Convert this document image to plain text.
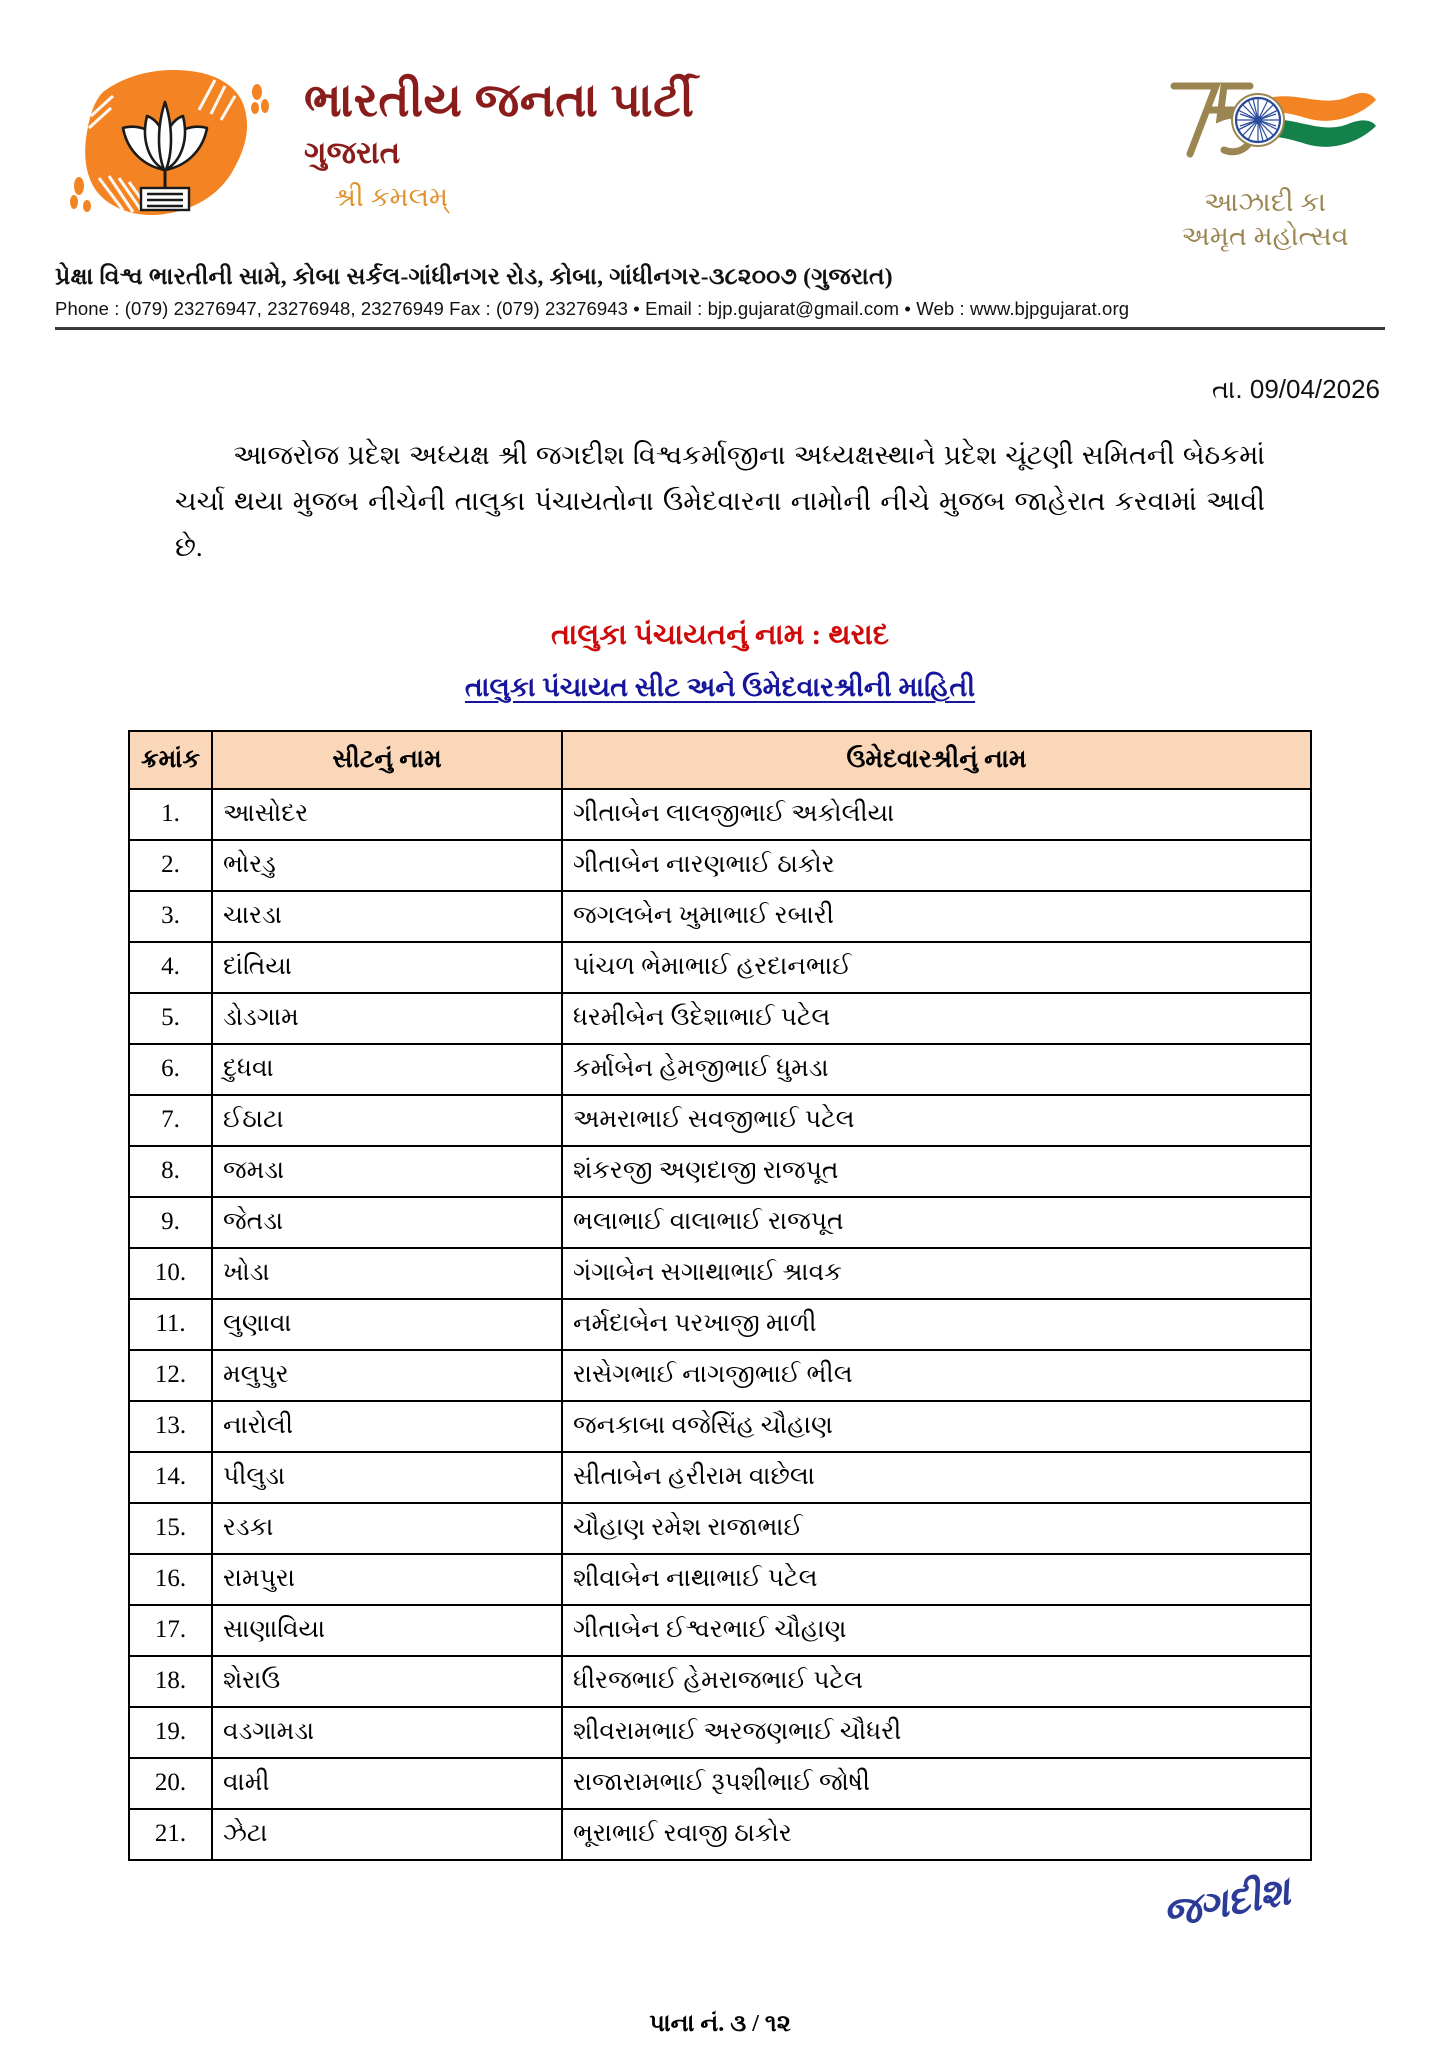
ભારતીય જનતા પાર્ટી
ગુજરાત
શ્રી કમલમ્	આઝાદી કા
અમૃત મહોત્સવ
પ્રેક્ષા વિશ્વ ભારતીની સામે, કોબા સર્કલ-ગાંધીનગર રોડ, કોબા, ગાંધીનગર-૩૮૨૦૦૭ (ગુજરાત)
Phone : (079) 23276947, 23276948, 23276949 Fax : (079) 23276943 • Email : bjp.gujarat@gmail.com • Web : www.bjpgujarat.org
તા. 09/04/2026

આજરોજ પ્રદેશ અધ્યક્ષ શ્રી જગદીશ વિશ્વકર્માજીના અધ્યક્ષસ્થાને પ્રદેશ ચૂંટણી સમિતની બેઠકમાં ચર્ચા થયા મુજબ નીચેની તાલુકા પંચાયતોના ઉમેદવારના નામોની નીચે મુજબ જાહેરાત કરવામાં આવી છે.

તાલુકા પંચાયતનું નામ : થરાદ
તાલુકા પંચાયત સીટ અને ઉમેદવારશ્રીની માહિતી
ક્રમાંક	સીટનું નામ	ઉમેદવારશ્રીનું નામ
1.	આસોદર	ગીતાબેન લાલજીભાઈ અકોલીયા
2.	ભોરડુ	ગીતાબેન નારણભાઈ ઠાકોર
3.	ચારડા	જગલબેન ખુમાભાઈ રબારી
4.	દાંતિયા	પાંચળ ભેમાભાઈ હરદાનભાઈ
5.	ડોડગામ	ધરમીબેન ઉદેશાભાઈ પટેલ
6.	દુધવા	કર્માબેન હેમજીભાઈ ધુમડા
7.	ઈઠાટા	અમરાભાઈ સવજીભાઈ પટેલ
8.	જમડા	શંકરજી અણદાજી રાજપૂત
9.	જેતડા	ભલાભાઈ વાલાભાઈ રાજપૂત
10.	ખોડા	ગંગાબેન સગાથાભાઈ શ્રાવક
11.	લુણાવા	નર્મદાબેન પરખાજી માળી
12.	મલુપુર	રાસેગભાઈ નાગજીભાઈ ભીલ
13.	નારોલી	જનકાબા વજેસિંહ ચૌહાણ
14.	પીલુડા	સીતાબેન હરીરામ વાછેલા
15.	રડકા	ચૌહાણ રમેશ રાજાભાઈ
16.	રામપુરા	શીવાબેન નાથાભાઈ પટેલ
17.	સાણાવિયા	ગીતાબેન ઈશ્વરભાઈ ચૌહાણ
18.	શેરાઉ	ધીરજભાઈ હેમરાજભાઈ પટેલ
19.	વડગામડા	શીવરામભાઈ અરજણભાઈ ચૌધરી
20.	વામી	રાજારામભાઈ રૂપશીભાઈ જોષી
21.	ઝેટા	ભૂરાભાઈ રવાજી ઠાકોર
જગદીશ
પાના નં. ૩ / ૧૨
